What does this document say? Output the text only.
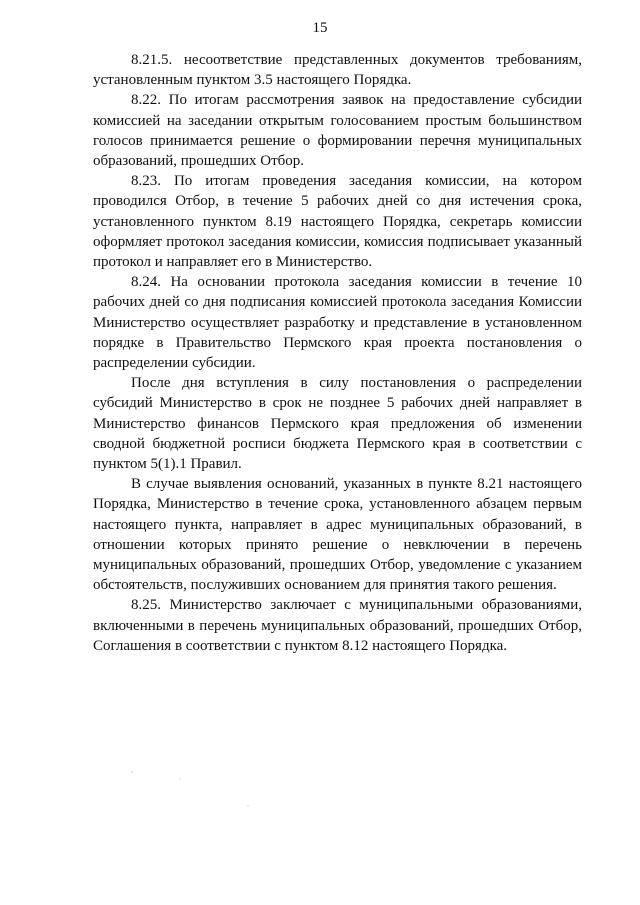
15

8.21.5. несоответствие представленных документов требованиям, установленным пунктом 3.5 настоящего Порядка.

8.22. По итогам рассмотрения заявок на предоставление субсидии комиссией на заседании открытым голосованием простым большинством голосов принимается решение о формировании перечня муниципальных образований, прошедших Отбор.

8.23. По итогам проведения заседания комиссии, на котором проводился Отбор, в течение 5 рабочих дней со дня истечения срока, установленного пунктом 8.19 настоящего Порядка, секретарь комиссии оформляет протокол заседания комиссии, комиссия подписывает указанный протокол и направляет его в Министерство.

8.24. На основании протокола заседания комиссии в течение 10 рабочих дней со дня подписания комиссией протокола заседания Комиссии Министерство осуществляет разработку и представление в установленном порядке в Правительство Пермского края проекта постановления о распределении субсидии.

После дня вступления в силу постановления о распределении субсидий Министерство в срок не позднее 5 рабочих дней направляет в Министерство финансов Пермского края предложения об изменении сводной бюджетной росписи бюджета Пермского края в соответствии с пунктом 5(1).1 Правил.

В случае выявления оснований, указанных в пункте 8.21 настоящего Порядка, Министерство в течение срока, установленного абзацем первым настоящего пункта, направляет в адрес муниципальных образований, в отношении которых принято решение о невключении в перечень муниципальных образований, прошедших Отбор, уведомление с указанием обстоятельств, послуживших основанием для принятия такого решения.

8.25. Министерство заключает с муниципальными образованиями, включенными в перечень муниципальных образований, прошедших Отбор, Соглашения в соответствии с пунктом 8.12 настоящего Порядка.
